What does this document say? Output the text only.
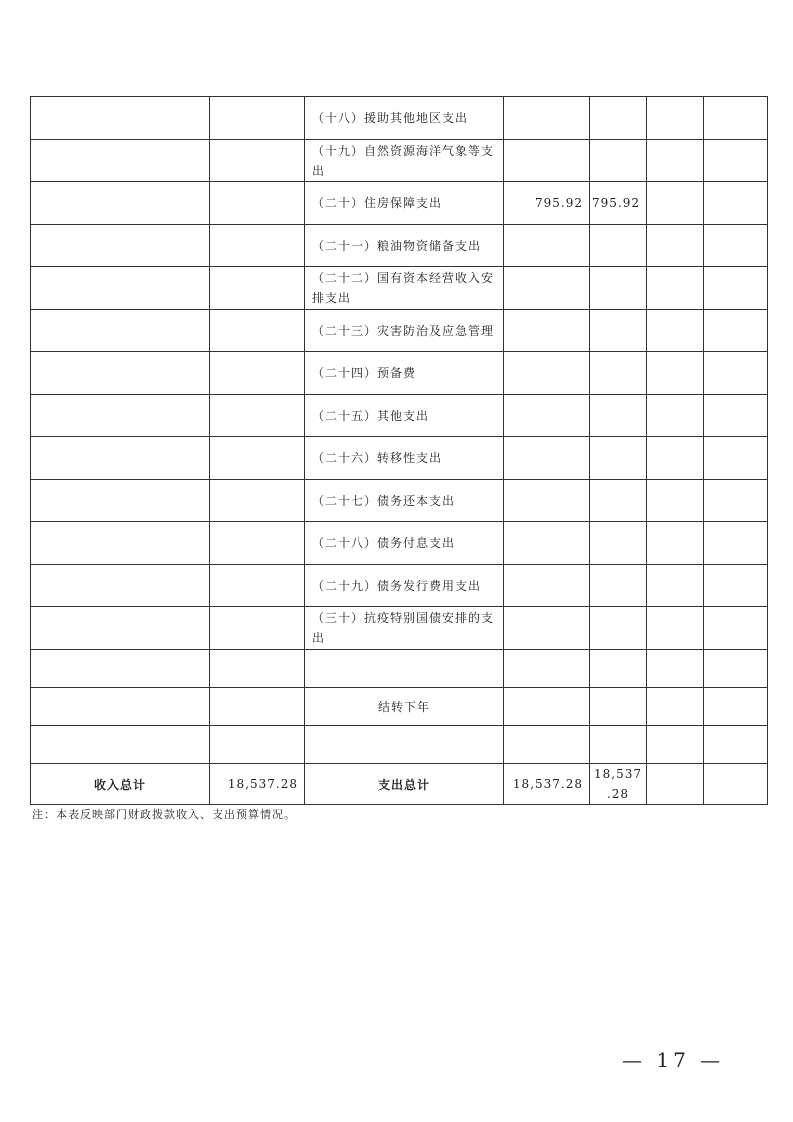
		（十八）援助其他地区支出				
		（十九）自然资源海洋气象等支出				
		（二十）住房保障支出	795.92	795.92		
		（二十一）粮油物资储备支出				
		（二十二）国有资本经营收入安排支出				
		（二十三）灾害防治及应急管理				
		（二十四）预备费				
		（二十五）其他支出				
		（二十六）转移性支出				
		（二十七）债务还本支出				
		（二十八）债务付息支出				
		（二十九）债务发行费用支出				
		（三十）抗疫特别国债安排的支出				

		结转下年				

收入总计	18,537.28	支出总计	18,537.28	18,537
.28		

注：本表反映部门财政拨款收入、支出预算情况。
— 17 —
